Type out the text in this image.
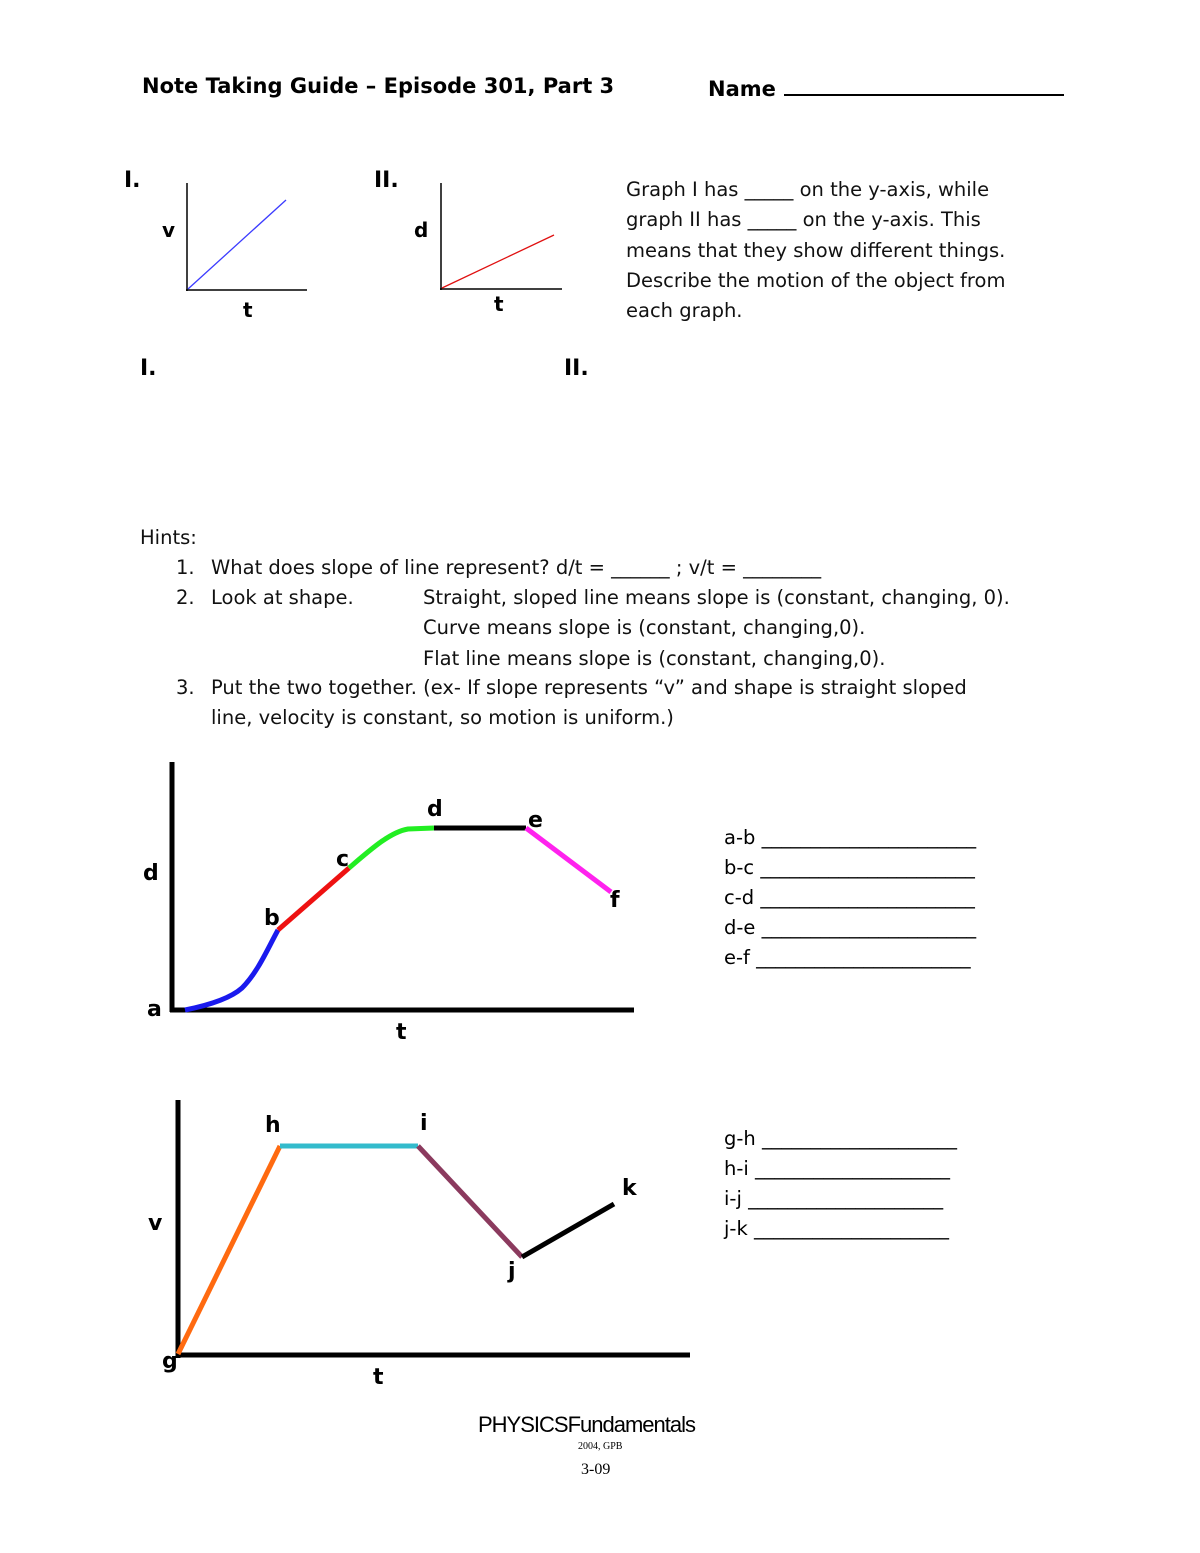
Note Taking Guide – Episode 301, Part 3	Name
I.
v
t
II.
d
t
Graph I has _____ on the y-axis, while
graph II has _____ on the y-axis. This
means that they show different things.
Describe the motion of the object from
each graph.
I.	II.
Hints:
1. What does slope of line represent? d/t = ______ ; v/t = ________
2. Look at shape.	Straight, sloped line means slope is (constant, changing, 0).
Curve means slope is (constant, changing,0).
Flat line means slope is (constant, changing,0).
3. Put the two together. (ex- If slope represents “v” and shape is straight sloped
line, velocity is constant, so motion is uniform.)
d
t
a
b
c
d	e
f
a-b ______________________
b-c ______________________
c-d ______________________
d-e ______________________
e-f ______________________
v
t
g
h	i
j
k
g-h ____________________
h-i ____________________
i-j ____________________
j-k ____________________
PHYSICSFundamentals
2004, GPB
3-09
